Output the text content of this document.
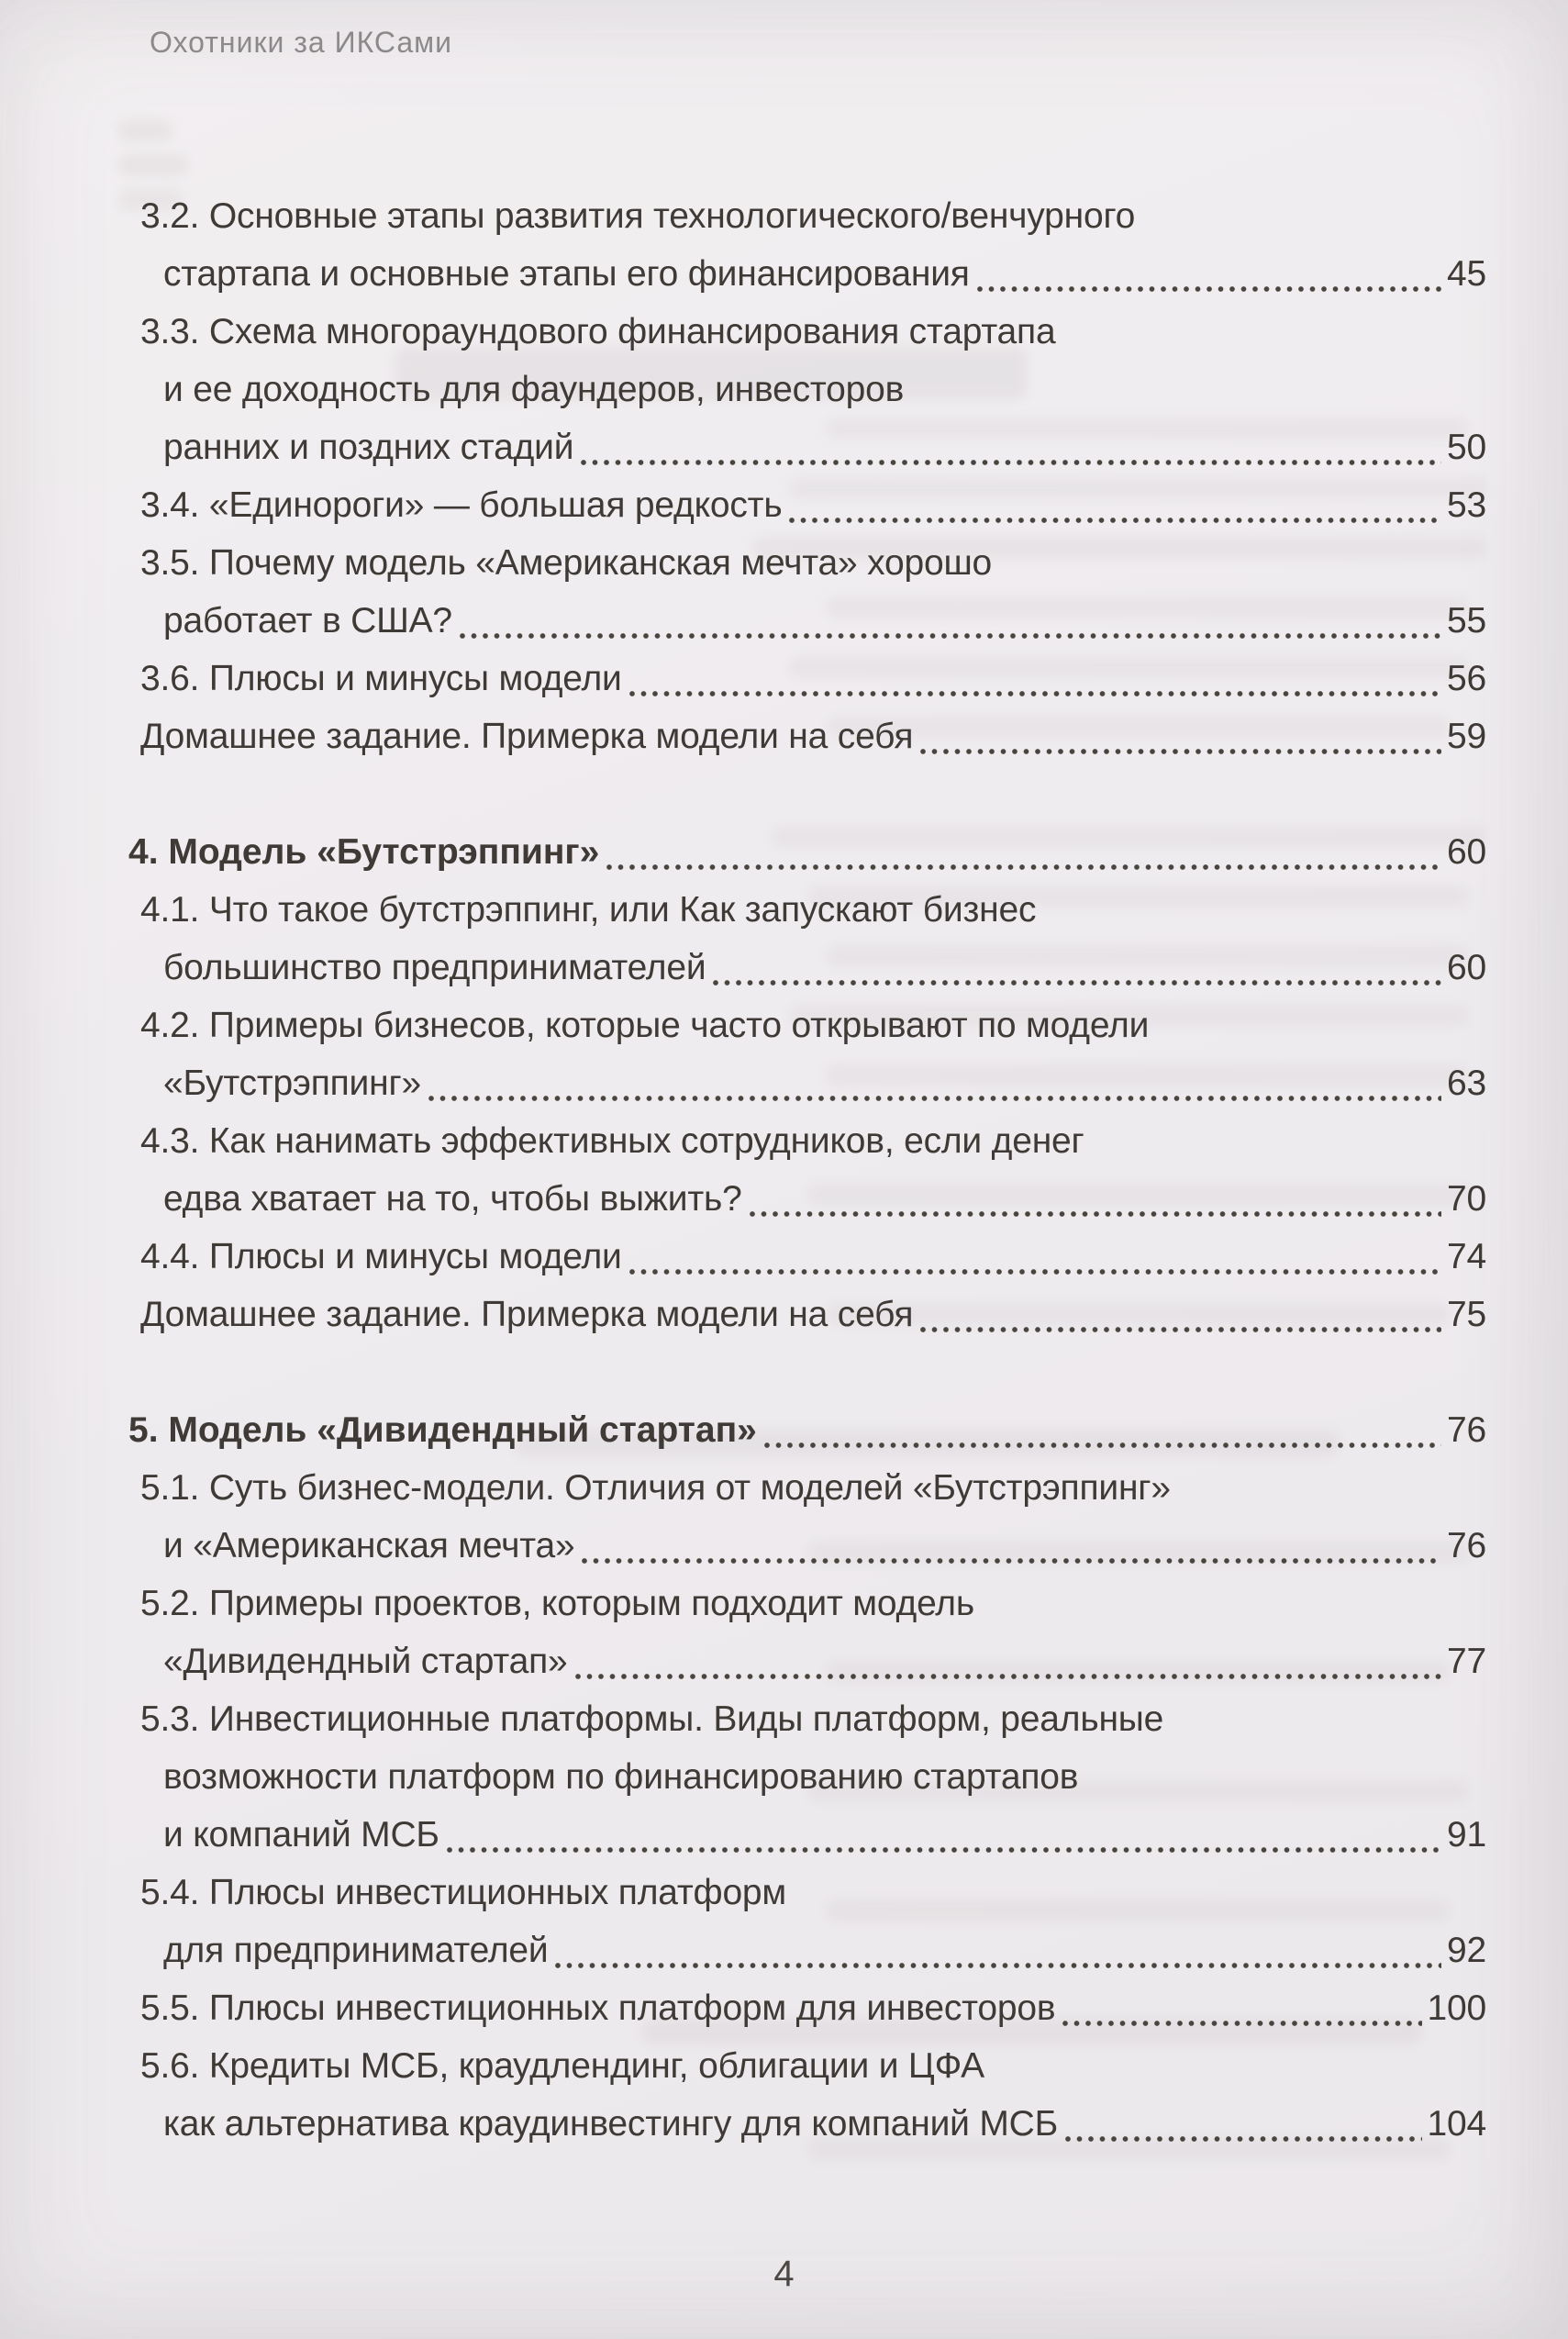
Охотники за ИКСами
3.2. Основные этапы развития технологического/венчурного
стартапа и основные этапы его финансирования	45
3.3. Схема многораундового финансирования стартапа
и ее доходность для фаундеров, инвесторов
ранних и поздних стадий	50
3.4. «Единороги» — большая редкость	53
3.5. Почему модель «Американская мечта» хорошо
работает в США?	55
3.6. Плюсы и минусы модели	56
Домашнее задание. Примерка модели на себя	59
4. Модель «Бутстрэппинг»	60
4.1. Что такое бутстрэппинг, или Как запускают бизнес
большинство предпринимателей	60
4.2. Примеры бизнесов, которые часто открывают по модели
«Бутстрэппинг»	63
4.3. Как нанимать эффективных сотрудников, если денег
едва хватает на то, чтобы выжить?	70
4.4. Плюсы и минусы модели	74
Домашнее задание. Примерка модели на себя	75
5. Модель «Дивидендный стартап»	76
5.1. Суть бизнес-модели. Отличия от моделей «Бутстрэппинг»
и «Американская мечта»	76
5.2. Примеры проектов, которым подходит модель
«Дивидендный стартап»	77
5.3. Инвестиционные платформы. Виды платформ, реальные
возможности платформ по финансированию стартапов
и компаний МСБ	91
5.4. Плюсы инвестиционных платформ
для предпринимателей	92
5.5. Плюсы инвестиционных платформ для инвесторов	100
5.6. Кредиты МСБ, краудлендинг, облигации и ЦФА
как альтернатива краудинвестингу для компаний МСБ	104
4
